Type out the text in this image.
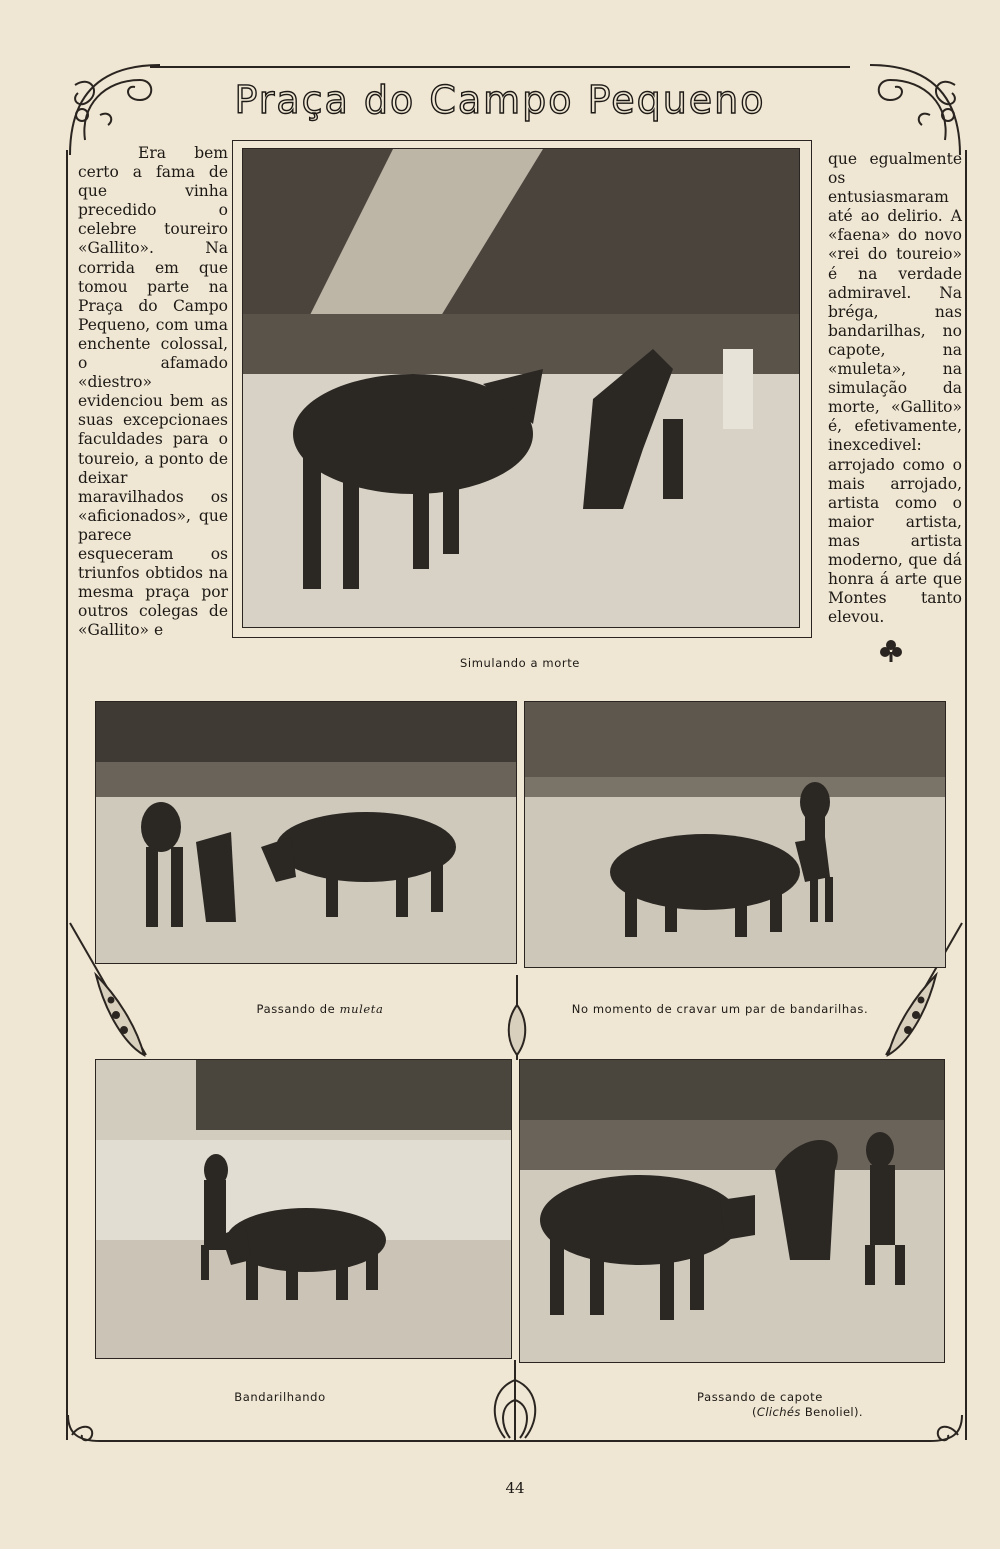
Praça do Campo Pequeno

Era bem certo a fama de que vinha precedido o celebre toureiro «Gallito». Na corrida em que tomou parte na Praça do Campo Pequeno, com uma enchente colossal, o afamado «diestro» evidenciou bem as suas excepcionaes faculdades para o toureio, a ponto de deixar maravilhados os «aficionados», que parece esqueceram os triunfos obtidos na mesma praça por outros colegas de «Gallito» e

que egualmente os entusiasmaram até ao delirio. A «faena» do novo «rei do toureio» é na verdade admiravel. Na bréga, nas bandarilhas, no capote, na «muleta», na simulação da morte, «Gallito» é, efetivamente, inexcedivel: arrojado como o mais arrojado, artista como o maior artista, mas artista moderno, que dá honra á arte que Montes tanto elevou.

Simulando a morte
Passando de muleta	No momento de cravar um par de bandarilhas.
Bandarilhando	Passando de capote
(Clichés Benoliel).
44
